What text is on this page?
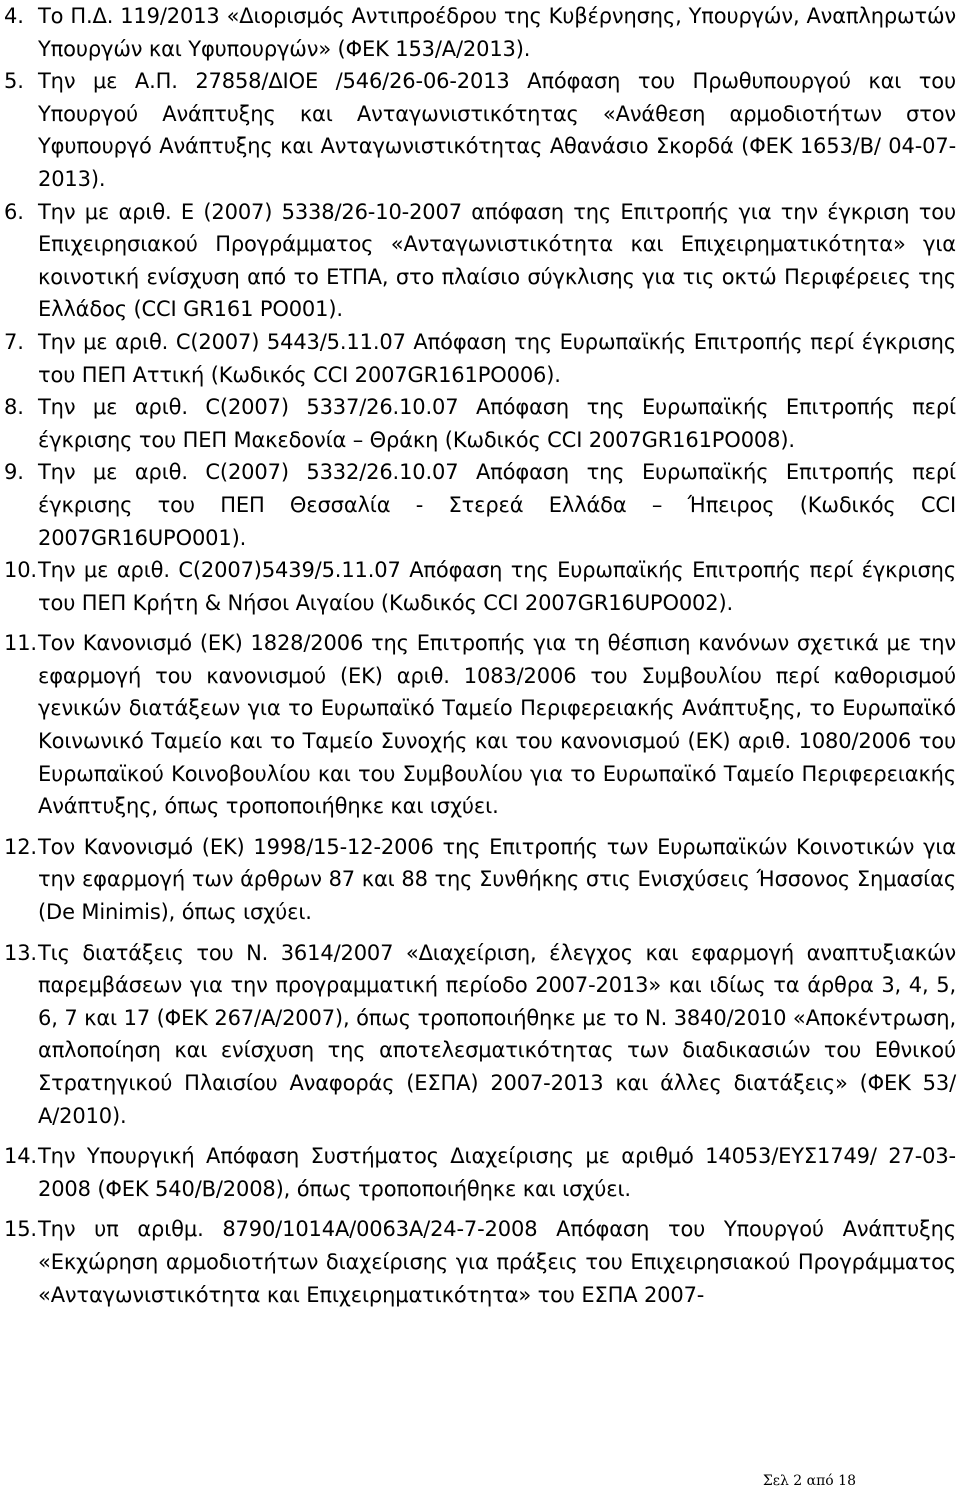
4. Το Π.Δ. 119/2013 «Διορισμός Αντιπροέδρου της Κυβέρνησης, Υπουργών, Αναπληρωτών Υπουργών και Υφυπουργών» (ΦΕΚ 153/Α/2013).
5. Την με Α.Π. 27858/ΔΙΟΕ /546/26-06-2013 Απόφαση του Πρωθυπουργού και του Υπουργού Ανάπτυξης και Ανταγωνιστικότητας «Ανάθεση αρμοδιοτήτων στον Υφυπουργό Ανάπτυξης και Ανταγωνιστικότητας Αθανάσιο Σκορδά (ΦΕΚ 1653/Β/ 04-07-2013).
6. Την με αριθ. Ε (2007) 5338/26-10-2007 απόφαση της Επιτροπής για την έγκριση του Επιχειρησιακού Προγράμματος «Ανταγωνιστικότητα και Επιχειρηματικότητα» για κοινοτική ενίσχυση από το ΕΤΠΑ, στο πλαίσιο σύγκλισης για τις οκτώ Περιφέρειες της Ελλάδος (CCI GR161 PO001).
7. Την με αριθ. C(2007) 5443/5.11.07 Απόφαση της Ευρωπαϊκής Επιτροπής περί έγκρισης του ΠΕΠ Αττική (Κωδικός CCI 2007GR161PO006).
8. Την με αριθ. C(2007) 5337/26.10.07 Απόφαση της Ευρωπαϊκής Επιτροπής περί έγκρισης του ΠΕΠ Μακεδονία – Θράκη (Κωδικός CCI 2007GR161PO008).
9. Την με αριθ. C(2007) 5332/26.10.07 Απόφαση της Ευρωπαϊκής Επιτροπής περί έγκρισης του ΠΕΠ Θεσσαλία - Στερεά Ελλάδα – Ήπειρος (Κωδικός CCI 2007GR16UPO001).
10. Την με αριθ. C(2007)5439/5.11.07 Απόφαση της Ευρωπαϊκής Επιτροπής περί έγκρισης του ΠΕΠ Κρήτη & Νήσοι Αιγαίου (Κωδικός CCI 2007GR16UPO002).
11. Τον Κανονισμό (ΕΚ) 1828/2006 της Επιτροπής για τη θέσπιση κανόνων σχετικά με την εφαρμογή του κανονισμού (ΕΚ) αριθ. 1083/2006 του Συμβουλίου περί καθορισμού γενικών διατάξεων για το Ευρωπαϊκό Ταμείο Περιφερειακής Ανάπτυξης, το Ευρωπαϊκό Κοινωνικό Ταμείο και το Ταμείο Συνοχής και του κανονισμού (ΕΚ) αριθ. 1080/2006 του Ευρωπαϊκού Κοινοβουλίου και του Συμβουλίου για το Ευρωπαϊκό Ταμείο Περιφερειακής Ανάπτυξης, όπως τροποποιήθηκε και ισχύει.
12. Τον Κανονισμό (ΕΚ) 1998/15-12-2006 της Επιτροπής των Ευρωπαϊκών Κοινοτικών για την εφαρμογή των άρθρων 87 και 88 της Συνθήκης στις Ενισχύσεις Ήσσονος Σημασίας (De Minimis), όπως ισχύει.
13. Τις διατάξεις του Ν. 3614/2007 «Διαχείριση, έλεγχος και εφαρμογή αναπτυξιακών παρεμβάσεων για την προγραμματική περίοδο 2007-2013» και ιδίως τα άρθρα 3, 4, 5, 6, 7 και 17 (ΦΕΚ 267/Α/2007), όπως τροποποιήθηκε με το Ν. 3840/2010 «Αποκέντρωση, απλοποίηση και ενίσχυση της αποτελεσματικότητας των διαδικασιών του Εθνικού Στρατηγικού Πλαισίου Αναφοράς (ΕΣΠΑ) 2007-2013 και άλλες διατάξεις» (ΦΕΚ 53/Α/2010).
14. Την Υπουργική Απόφαση Συστήματος Διαχείρισης με αριθμό 14053/ΕΥΣ1749/ 27-03-2008 (ΦΕΚ 540/Β/2008), όπως τροποποιήθηκε και ισχύει.
15. Την υπ αριθμ. 8790/1014Α/0063Α/24-7-2008 Απόφαση του Υπουργού Ανάπτυξης «Εκχώρηση αρμοδιοτήτων διαχείρισης για πράξεις του Επιχειρησιακού Προγράμματος «Ανταγωνιστικότητα και Επιχειρηματικότητα» του ΕΣΠΑ 2007-
Σελ 2 από 18
